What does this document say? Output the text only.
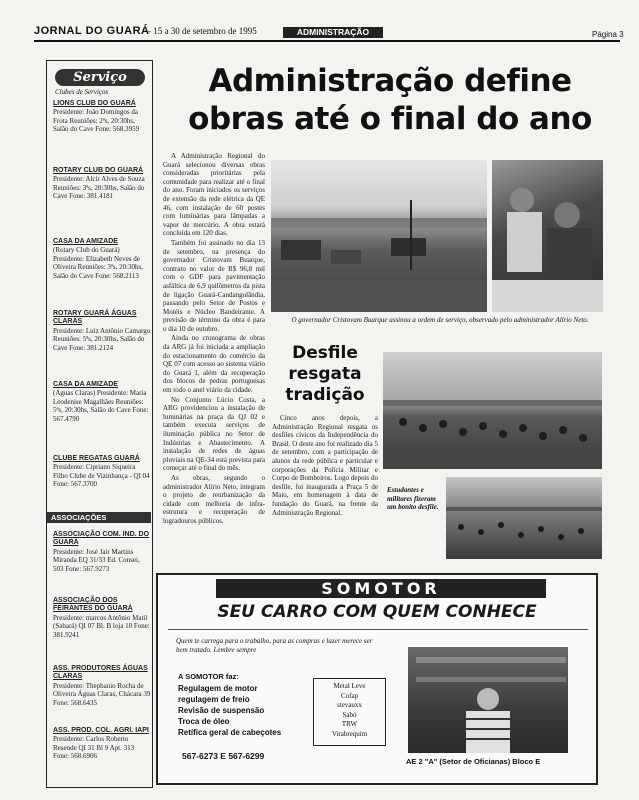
JORNAL DO GUARÁ
- 15 a 30 de setembro de 1995	ADMINISTRAÇÃO	Página 3
Serviço
Clubes de Serviços
LIONS CLUB DO GUARÁ
Presidente: João Domingos da Frota Reuniões: 2ªs, 20:30hs, Salão do Cave Fone: 568.3959
ROTARY CLUB DO GUARÁ
Presidente: Alcir Alves de Souza Reuniões: 3ªs, 20:30hs, Salão do Cave Fone: 381.4181
CASA DA AMIZADE
(Rotary Club do Guará) Presidente: Elizabeth Neves de Oliveira Reuniões: 3ªs, 20:30hs, Salão do Cave Fone: 568.2113
ROTARY GUARÁ ÁGUAS CLARAS
Presidente: Luiz Antônio Camargo Reuniões: 5ªs, 20:30hs, Salão do Cave Fone: 381.2124
CASA DA AMIZADE
(Águas Claras) Presidente: Maria Leodenise Magalhães Reuniões: 5ªs, 20:30hs, Salão do Cave Fone: 567.4790
CLUBE REGATAS GUARÁ
Presidente: Cipriano Siqueira Filho Clube de Vizinhança - QI 04 Fone: 567.3700
ASSOCIAÇÕES
ASSOCIAÇÃO COM. IND. DO GUARÁ
Presidente: José Jair Martins Miranda EQ 31/33 Ed. Consei, 503 Fone: 567.9273
ASSOCIAÇÃO DOS FEIRANTES DO GUARÁ
Presidente: marcos Antônio Matil (Sabará) QI 07 Bl. B loja 10 Fone: 381.9241
ASS. PRODUTORES ÁGUAS CLARAS
Presidente: Thephanio Rocha de Oliveira Águas Claras, Chácara 39 Fone: 568.6435
ASS. PROD. COL. AGRI. IAPI
Presidente: Carlos Roberto Resende QI 31 Bl 9 Apt. 313 Fone: 568.6906
Administração define obras até o final do ano

A Administração Regional do Guará selecionou diversas obras consideradas prioritárias pela comunidade para realizar até o final do ano. Foram iniciados os serviços de extensão da rede elétrica da QE 46, com instalação de 60 postes com luminárias para lâmpadas a vapor de mercúrio. A obra estará concluída em 120 dias.

Também foi assinado no dia 13 de setembro, na presença do governador Cristovam Buarque, contrato no valor de R$ 96,8 mil com o GDF para pavimentação asfáltica de 6,9 quilômetros da pista de ligação Guará-Candangolândia, passando pelo Setor de Postos e Motéis e Núcleo Bandeirante. A previsão de término da obra é para o dia 10 de outubro.

Ainda no cronograma de obras da ARG já foi iniciada a ampliação do estacionamento do comércio da QE 07 com acesso ao sistema viário do Guará I, além da recuperação dos blocos de pedras portuguesas em todo o anel viário da cidade.

No Conjunto Lúcio Costa, a ARG providenciou a instalação de luminárias na praça da QJ 02 e também executa serviços de iluminação pública no Setor de Indústrias e Abastecimento. A instalação de redes de águas pluviais na QE-34 está prevista para começar até o final do mês.

As obras, segundo o administrador Alírio Neto, integram o projeto de reurbanização da cidade com melhoria de infra-estrutura e recuperação de logradouros públicos.

O governador Cristovam Buarque assinou a ordem de serviço, observado pelo administrador Alírio Neto.
Desfile resgata tradição

Cinco anos depois, a Administração Regional resgata os desfiles cívicos da Independência do Brasil. O deste ano foi realizado dia 5 de setembro, com a participação de alunos da rede pública e particular e corporações da Polícia Militar e Corpo de Bombeiros. Logo depois do desfile, foi inaugurada a Praça 5 de Maio, em homenagem à data de fundação do Guará, na frente da Administração Regional.

Estudantes e militares fizeram um bonito desfile.
SOMOTOR
SEU CARRO COM QUEM CONHECE
Quem te carrega para o trabalho, para as compras e lazer merece ser bem tratado. Lembre sempre
A SOMOTOR faz:
Regulagem de motor
regulagem de freio
Revisão de suspensão
Troca de óleo
Retífica geral de cabeçotes
Metal Leve
Cofap
stevauxx
Sabó
TRW
Virabrequim
567-6273 E 567-6299
AE 2 "A" (Setor de Oficianas) Bloco E
